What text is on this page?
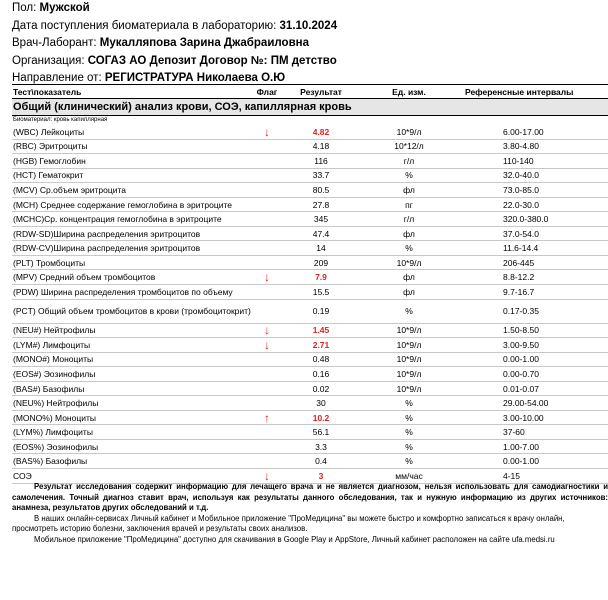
Пол: Мужской
Дата поступления биоматериала в лабораторию: 31.10.2024
Врач-Лаборант: Мукалляпова Зарина Джабраиловна
Организация: СОГАЗ АО Депозит Договор №: ПМ детство
Направление от: РЕГИСТРАТУРА Николаева О.Ю
Тест\показатель	Флаг	Результат	Ед. изм.	Референсные интервалы
Общий (клинический) анализ крови, СОЭ, капиллярная кровь
Биоматериал: кровь капиллярная
(WBC) Лейкоциты	↓	4.82	10*9/л	6.00-17.00
(RBC) Эритроциты	4.18	10*12/л	3.80-4.80
(HGB) Гемоглобин	116	г/л	110-140
(HCT) Гематокрит	33.7	%	32.0-40.0
(MCV) Ср.объем эритроцита	80.5	фл	73.0-85.0
(MCH) Среднее содержание гемоглобина в эритроците	27.8	пг	22.0-30.0
(MCHC)Ср. концентрация гемоглобина в эритроците	345	г/л	320.0-380.0
(RDW-SD)Ширина распределения эритроцитов	47.4	фл	37.0-54.0
(RDW-CV)Ширина распределения эритроцитов	14	%	11.6-14.4
(PLT) Тромбоциты	209	10*9/л	206-445
(MPV) Средний объем тромбоцитов	↓	7.9	фл	8.8-12.2
(PDW) Ширина распределения тромбоцитов по объему	15.5	фл	9.7-16.7
(PCT) Общий объем тромбоцитов в крови (тромбоцитокрит)	0.19	%	0.17-0.35
(NEU#) Нейтрофилы	↓	1.45	10*9/л	1.50-8.50
(LYM#) Лимфоциты	↓	2.71	10*9/л	3.00-9.50
(MONO#) Моноциты	0.48	10*9/л	0.00-1.00
(EOS#) Эозинофилы	0.16	10*9/л	0.00-0.70
(BAS#) Базофилы	0.02	10*9/л	0.01-0.07
(NEU%) Нейтрофилы	30	%	29.00-54.00
(MONO%) Моноциты	↑	10.2	%	3.00-10.00
(LYM%) Лимфоциты	56.1	%	37-60
(EOS%) Эозинофилы	3.3	%	1.00-7.00
(BAS%) Базофилы	0.4	%	0.00-1.00
СОЭ	↓	3	мм/час	4-15
Результат исследования содержит информацию для лечащего врача и не является диагнозом, нельзя использовать для самодиагностики и самолечения. Точный диагноз ставит врач, используя как результаты данного обследования, так и нужную информацию из других источников: анамнеза, результатов других обследований и т.д.
В наших онлайн-сервисах Личный кабинет и Мобильное приложение "ПроМедицина" вы можете быстро и комфортно записаться к врачу онлайн, просмотреть историю болезни, заключения врачей и результаты своих анализов.
Мобильное приложение "ПроМедицина" доступно для скачивания в Google Play и AppStore, Личный кабинет расположен на сайте ufa.medsi.ru
